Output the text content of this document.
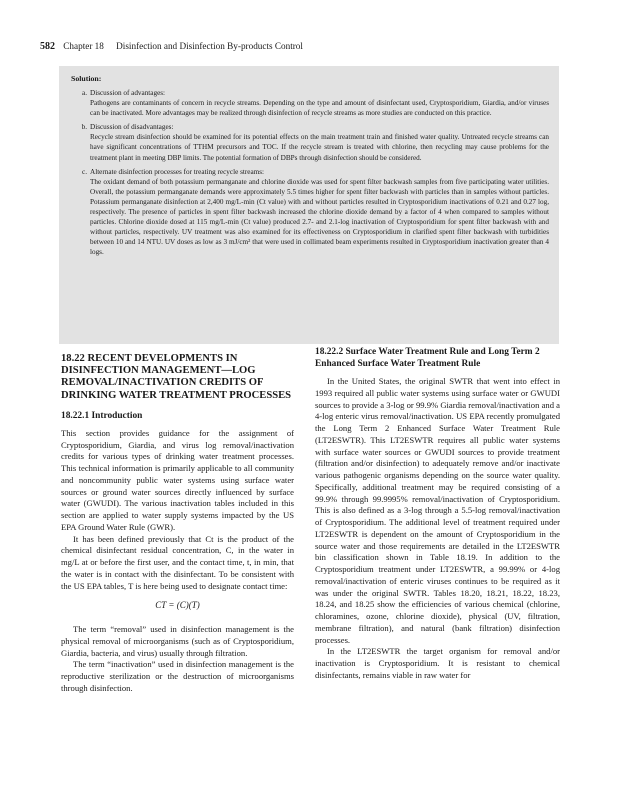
582 Chapter 18 Disinfection and Disinfection By-products Control
Solution:
a. Discussion of advantages:
Pathogens are contaminants of concern in recycle streams. Depending on the type and amount of disinfectant used, Cryptosporidium, Giardia, and/or viruses can be inactivated. More advantages may be realized through disinfection of recycle streams as more studies are conducted on this practice.
b. Discussion of disadvantages:
Recycle stream disinfection should be examined for its potential effects on the main treatment train and finished water quality. Untreated recycle streams can have significant concentrations of TTHM precursors and TOC. If the recycle stream is treated with chlorine, then recycling may cause problems for the treatment plant in meeting DBP limits. The potential formation of DBPs through disinfection should be considered.
c. Alternate disinfection processes for treating recycle streams:
The oxidant demand of both potassium permanganate and chlorine dioxide was used for spent filter backwash samples from five participating water utilities. Overall, the potassium permanganate demands were approximately 5.5 times higher for spent filter backwash with particles than in samples without particles. Potassium permanganate disinfection at 2,400 mg/L-min (Ct value) with and without particles resulted in Cryptosporidium inactivations of 0.21 and 0.27 log, respectively. The presence of particles in spent filter backwash increased the chlorine dioxide demand by a factor of 4 when compared to samples without particles. Chlorine dioxide dosed at 115 mg/L-min (Ct value) produced 2.7- and 2.1-log inactivation of Cryptosporidium for spent filter backwash with and without particles, respectively. UV treatment was also examined for its effectiveness on Cryptosporidium in clarified spent filter backwash with turbidities between 10 and 14 NTU. UV doses as low as 3 mJ/cm² that were used in collimated beam experiments resulted in Cryptosporidium inactivation greater than 4 logs.
18.22 RECENT DEVELOPMENTS IN DISINFECTION MANAGEMENT—LOG REMOVAL/INACTIVATION CREDITS OF DRINKING WATER TREATMENT PROCESSES
18.22.1 Introduction

This section provides guidance for the assignment of Cryptosporidium, Giardia, and virus log removal/inactivation credits for various types of drinking water treatment processes. This technical information is primarily applicable to all community and noncommunity public water systems using surface water sources or ground water sources directly influenced by surface water (GWUDI). The various inactivation tables included in this section are applied to water supply systems impacted by the US EPA Ground Water Rule (GWR).

It has been defined previously that Ct is the product of the chemical disinfectant residual concentration, C, in the water in mg/L at or before the first user, and the contact time, t, in min, that the water is in contact with the disinfectant. To be consistent with the US EPA tables, T is here being used to designate contact time:

CT = (C)(T)

The term “removal” used in disinfection management is the physical removal of microorganisms (such as of Cryptosporidium, Giardia, bacteria, and virus) usually through filtration.

The term “inactivation” used in disinfection management is the reproductive sterilization or the destruction of microorganisms through disinfection.

18.22.2 Surface Water Treatment Rule and Long Term 2 Enhanced Surface Water Treatment Rule

In the United States, the original SWTR that went into effect in 1993 required all public water systems using surface water or GWUDI sources to provide a 3-log or 99.9% Giardia removal/inactivation and a 4-log enteric virus removal/inactivation. US EPA recently promulgated the Long Term 2 Enhanced Surface Water Treatment Rule (LT2ESWTR). This LT2ESWTR requires all public water systems with surface water sources or GWUDI sources to provide treatment (filtration and/or disinfection) to adequately remove and/or inactivate various pathogenic organisms depending on the source water quality. Specifically, additional treatment may be required consisting of a 99.9% through 99.9995% removal/inactivation of Cryptosporidium. This is also defined as a 3-log through a 5.5-log removal/inactivation of Cryptosporidium. The additional level of treatment required under LT2ESWTR is dependent on the amount of Cryptosporidium in the source water and those requirements are detailed in the LT2ESWTR bin classification shown in Table 18.19. In addition to the Cryptosporidium treatment under LT2ESWTR, a 99.99% or 4-log removal/inactivation of enteric viruses continues to be required as it was under the original SWTR. Tables 18.20, 18.21, 18.22, 18.23, 18.24, and 18.25 show the efficiencies of various chemical (chlorine, chloramines, ozone, chlorine dioxide), physical (UV, filtration, membrane filtration), and natural (bank filtration) disinfection processes.

In the LT2ESWTR the target organism for removal and/or inactivation is Cryptosporidium. It is resistant to chemical disinfectants, remains viable in raw water for
